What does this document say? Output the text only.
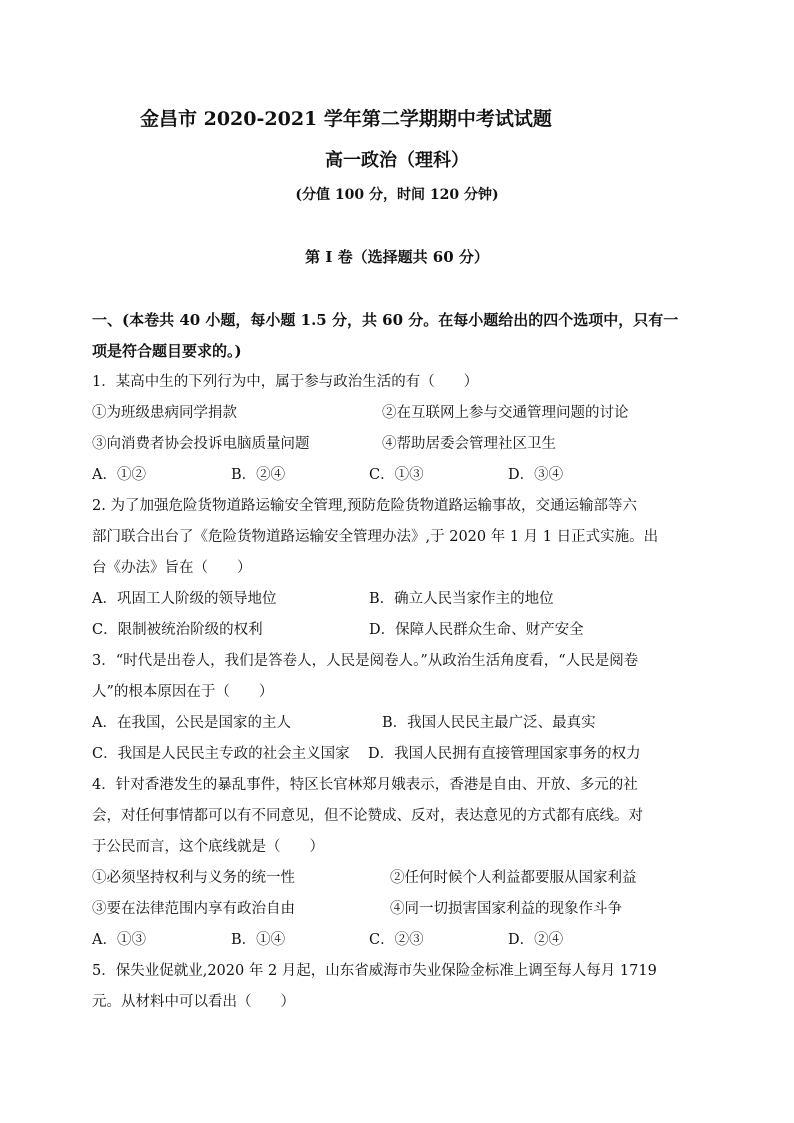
金昌市 2020-2021 学年第二学期期中考试试题
高一政治（理科）
(分值 100 分，时间 120 分钟)
第 I 卷（选择题共 60 分）
一、(本卷共 40 小题，每小题 1.5 分，共 60 分。在每小题给出的四个选项中，只有一
项是符合题目要求的。)
1．某高中生的下列行为中，属于参与政治生活的有（　　）
①为班级患病同学捐款	②在互联网上参与交通管理问题的讨论
③向消费者协会投诉电脑质量问题	④帮助居委会管理社区卫生
A．①②	B．②④	C．①③	D．③④
2. 为了加强危险货物道路运输安全管理,预防危险货物道路运输事故，交通运输部等六
部门联合出台了《危险货物道路运输安全管理办法》,于 2020 年 1 月 1 日正式实施。出
台《办法》旨在（　　）
A．巩固工人阶级的领导地位	B．确立人民当家作主的地位
C．限制被统治阶级的权利	D．保障人民群众生命、财产安全
3．“时代是出卷人，我们是答卷人，人民是阅卷人。”从政治生活角度看，“人民是阅卷
人”的根本原因在于（　　）
A．在我国，公民是国家的主人	B．我国人民民主最广泛、最真实
C．我国是人民民主专政的社会主义国家 D．我国人民拥有直接管理国家事务的权力
4．针对香港发生的暴乱事件，特区长官林郑月娥表示，香港是自由、开放、多元的社
会，对任何事情都可以有不同意见，但不论赞成、反对，表达意见的方式都有底线。对
于公民而言，这个底线就是（　　）
①必须坚持权利与义务的统一性	②任何时候个人利益都要服从国家利益
③要在法律范围内享有政治自由	④同一切损害国家利益的现象作斗争
A．①③	B．①④	C．②③	D．②④
5．保失业促就业,2020 年 2 月起，山东省威海市失业保险金标准上调至每人每月 1719
元。从材料中可以看出（　　）
